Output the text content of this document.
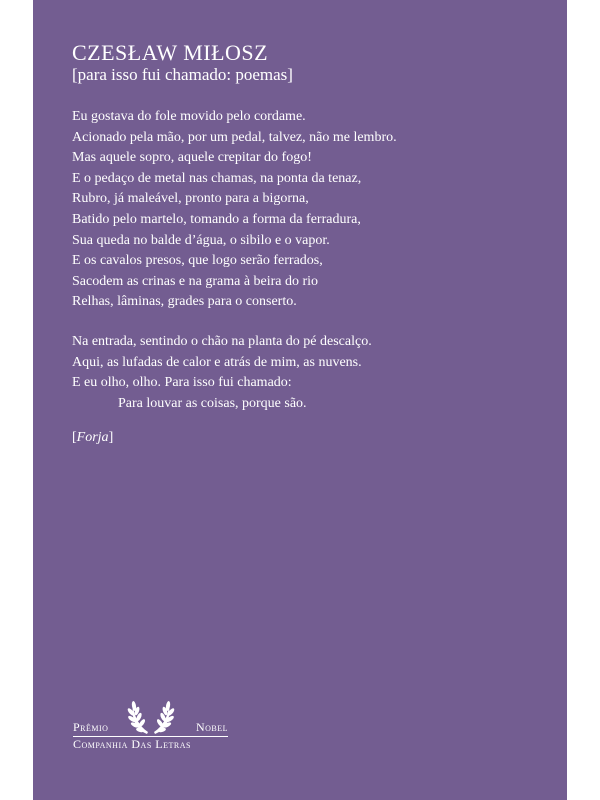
CZESŁAW MIŁOSZ
[para isso fui chamado: poemas]
Eu gostava do fole movido pelo cordame.
Acionado pela mão, por um pedal, talvez, não me lembro.
Mas aquele sopro, aquele crepitar do fogo!
E o pedaço de metal nas chamas, na ponta da tenaz,
Rubro, já maleável, pronto para a bigorna,
Batido pelo martelo, tomando a forma da ferradura,
Sua queda no balde d’água, o sibilo e o vapor.
E os cavalos presos, que logo serão ferrados,
Sacodem as crinas e na grama à beira do rio
Relhas, lâminas, grades para o conserto.
Na entrada, sentindo o chão na planta do pé descalço.
Aqui, as lufadas de calor e atrás de mim, as nuvens.
E eu olho, olho. Para isso fui chamado:
Para louvar as coisas, porque são.
[Forja]
Prêmio	Nobel
Companhia Das Letras
